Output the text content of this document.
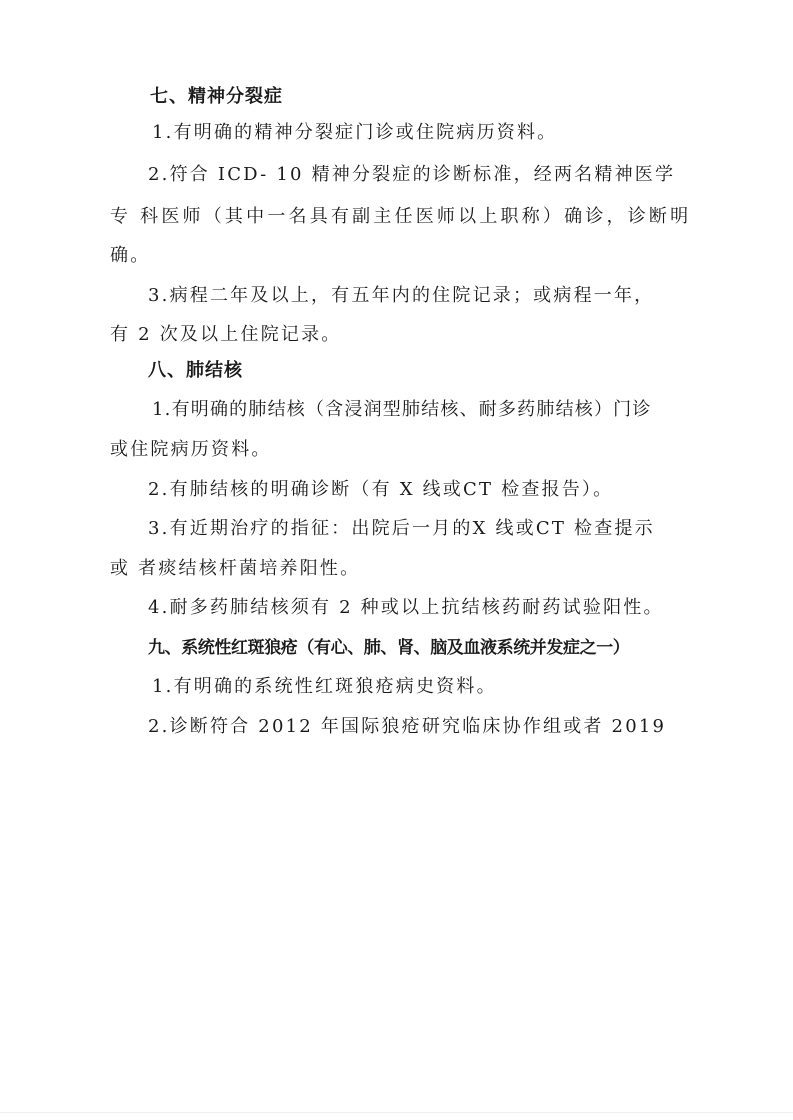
七、精神分裂症
1.有明确的精神分裂症门诊或住院病历资料。
2.符合 ICD- 10 精神分裂症的诊断标准，经两名精神医学
专 科医师（其中一名具有副主任医师以上职称）确诊，诊断明
确。
3.病程二年及以上，有五年内的住院记录；或病程一年，
有 2 次及以上住院记录。
八、肺结核
1.有明确的肺结核（含浸润型肺结核、耐多药肺结核）门诊
或住院病历资料。
2.有肺结核的明确诊断（有 X 线或CT 检查报告）。
3.有近期治疗的指征：出院后一月的X 线或CT 检查提示
或 者痰结核杆菌培养阳性。
4.耐多药肺结核须有 2 种或以上抗结核药耐药试验阳性。
九、系统性红斑狼疮（有心、肺、肾、脑及血液系统并发症之一）
1.有明确的系统性红斑狼疮病史资料。
2.诊断符合 2012 年国际狼疮研究临床协作组或者 2019
